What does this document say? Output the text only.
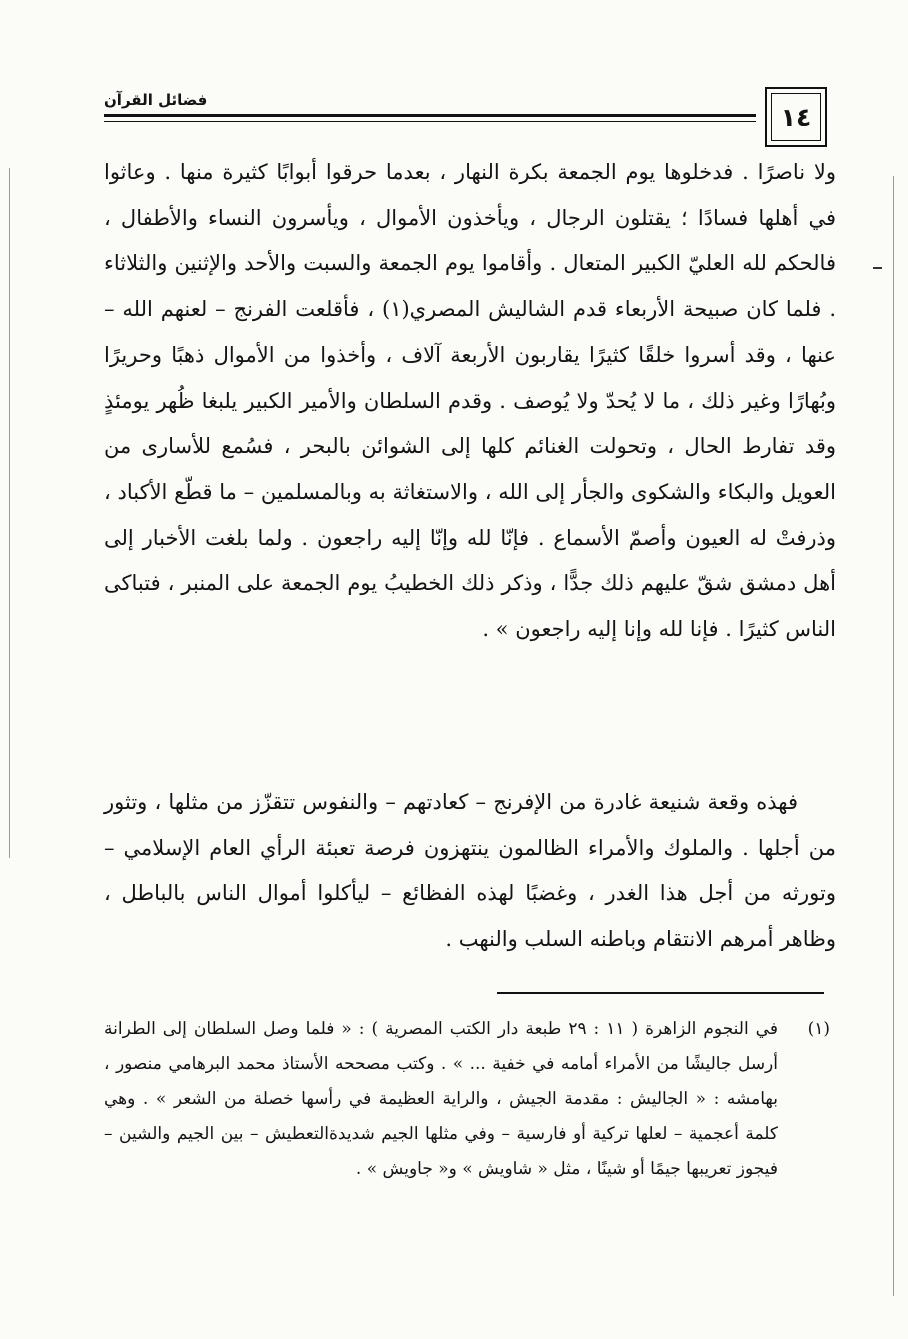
١٤
فضائل القرآن
ولا ناصرًا . فدخلوها يوم الجمعة بكرة النهار ، بعدما حرقوا أبوابًا كثيرة منها . وعاثوا في أهلها فسادًا ؛ يقتلون الرجال ، ويأخذون الأموال ، ويأسرون النساء والأطفال ، فالحكم لله العليّ الكبير المتعال . وأقاموا يوم الجمعة والسبت والأحد والإثنين والثلاثاء . فلما كان صبيحة الأربعاء قدم الشاليش المصري(١) ، فأقلعت الفرنج – لعنهم الله – عنها ، وقد أسروا خلقًا كثيرًا يقاربون الأربعة آلاف ، وأخذوا من الأموال ذهبًا وحريرًا وبُهارًا وغير ذلك ، ما لا يُحدّ ولا يُوصف . وقدم السلطان والأمير الكبير يلبغا ظُهر يومئذٍ وقد تفارط الحال ، وتحولت الغنائم كلها إلى الشوائن بالبحر ، فسُمع للأسارى من العويل والبكاء والشكوى والجأر إلى الله ، والاستغاثة به وبالمسلمين – ما قطّع الأكباد ، وذرفتْ له العيون وأصمّ الأسماع . فإنّا لله وإنّا إليه راجعون . ولما بلغت الأخبار إلى أهل دمشق شقّ عليهم ذلك جدًّا ، وذكر ذلك الخطيبُ يوم الجمعة على المنبر ، فتباكى الناس كثيرًا . فإنا لله وإنا إليه راجعون » .
فهذه وقعة شنيعة غادرة من الإفرنج – كعادتهم – والنفوس تتقزّز من مثلها ، وتثور من أجلها . والملوك والأمراء الظالمون ينتهزون فرصة تعبئة الرأي العام الإسلامي – وتورثه من أجل هذا الغدر ، وغضبًا لهذه الفظائع – ليأكلوا أموال الناس بالباطل ، وظاهر أمرهم الانتقام وباطنه السلب والنهب .
(١)
في النجوم الزاهرة ( ١١ : ٢٩ طبعة دار الكتب المصرية ) : « فلما وصل السلطان إلى الطرانة أرسل جاليشًا من الأمراء أمامه في خفية ... » . وكتب مصححه الأستاذ محمد البرهامي منصور ، بهامشه : « الجاليش : مقدمة الجيش ، والراية العظيمة في رأسها خصلة من الشعر » . وهي كلمة أعجمية – لعلها تركية أو فارسية – وفي مثلها الجيم شديدةالتعطيش – بين الجيم والشين – فيجوز تعريبها جيمًا أو شينًا ، مثل « شاويش » و« جاويش » .
